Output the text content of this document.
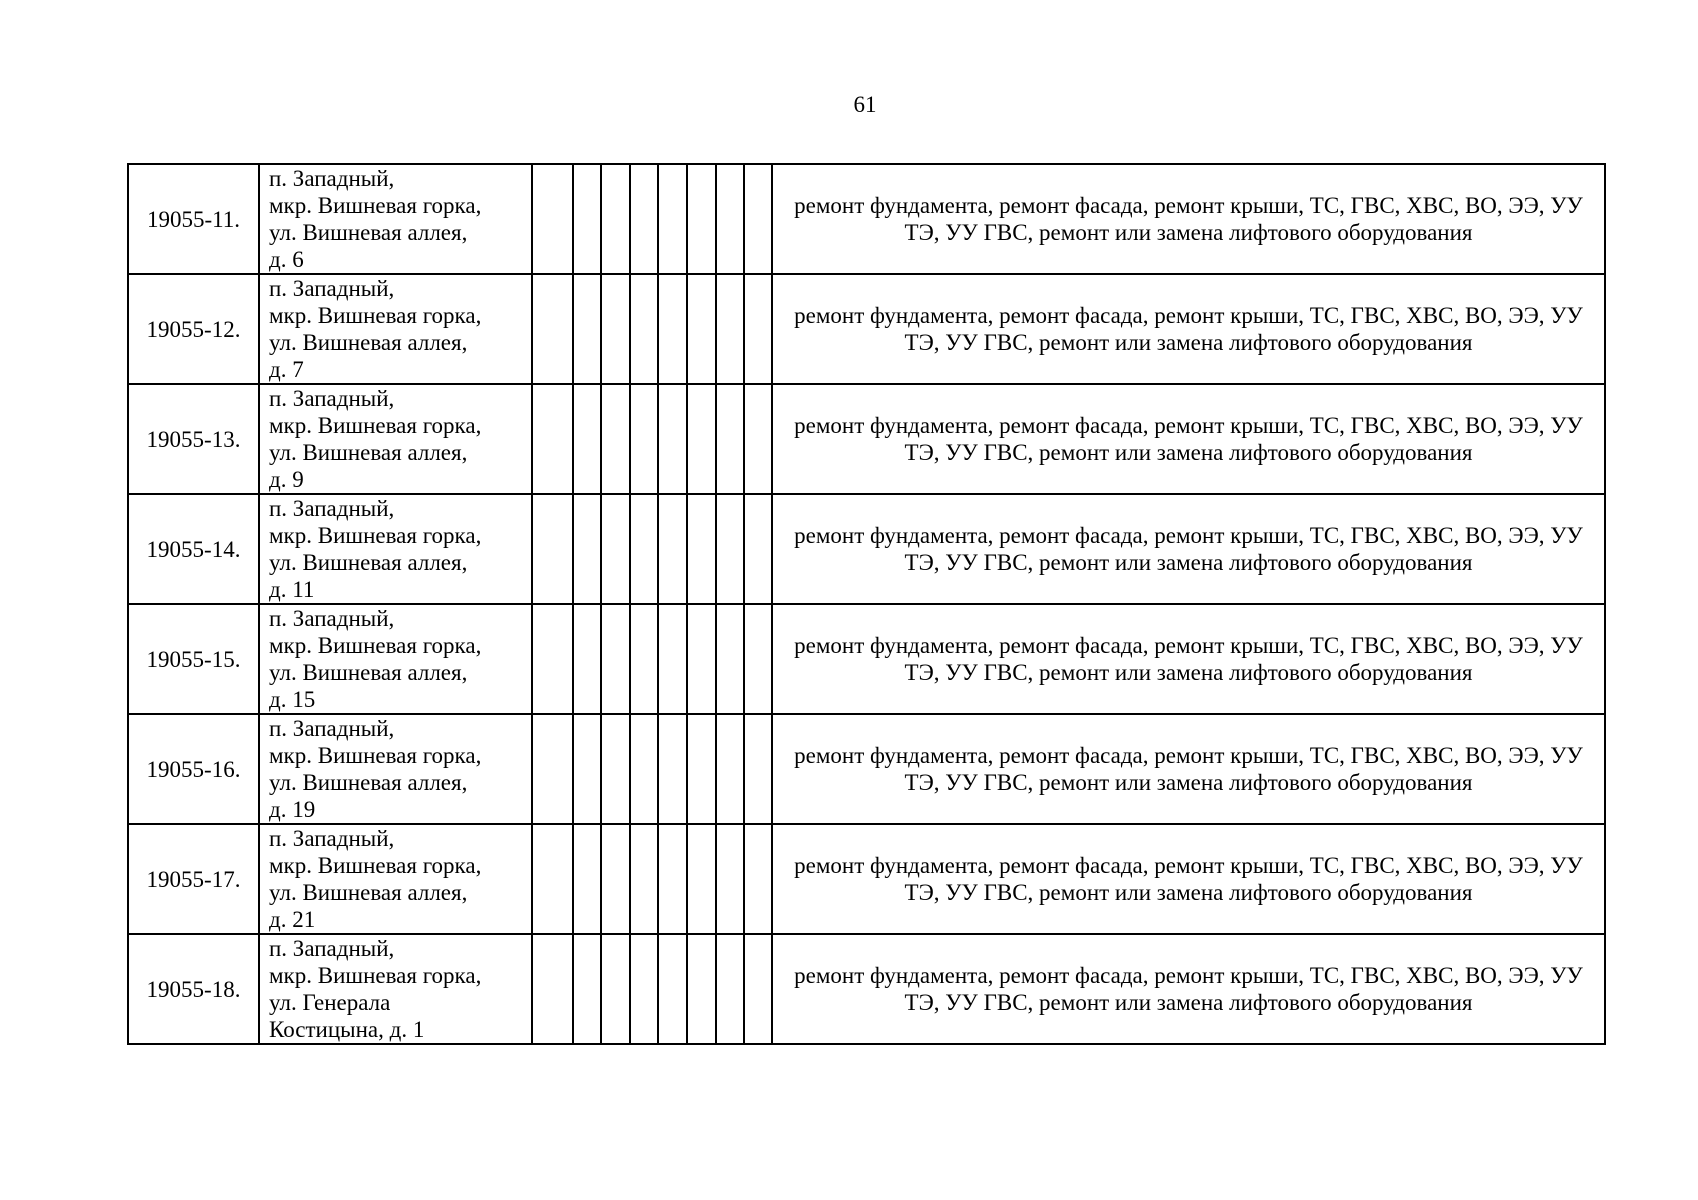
61
19055-11.	п. Западный,
мкр. Вишневая горка,
ул. Вишневая аллея,
д. 6									ремонт фундамента, ремонт фасада, ремонт крыши, ТС, ГВС, ХВС, ВО, ЭЭ, УУ ТЭ, УУ ГВС, ремонт или замена лифтового оборудования
19055-12.	п. Западный,
мкр. Вишневая горка,
ул. Вишневая аллея,
д. 7									ремонт фундамента, ремонт фасада, ремонт крыши, ТС, ГВС, ХВС, ВО, ЭЭ, УУ ТЭ, УУ ГВС, ремонт или замена лифтового оборудования
19055-13.	п. Западный,
мкр. Вишневая горка,
ул. Вишневая аллея,
д. 9									ремонт фундамента, ремонт фасада, ремонт крыши, ТС, ГВС, ХВС, ВО, ЭЭ, УУ ТЭ, УУ ГВС, ремонт или замена лифтового оборудования
19055-14.	п. Западный,
мкр. Вишневая горка,
ул. Вишневая аллея,
д. 11									ремонт фундамента, ремонт фасада, ремонт крыши, ТС, ГВС, ХВС, ВО, ЭЭ, УУ ТЭ, УУ ГВС, ремонт или замена лифтового оборудования
19055-15.	п. Западный,
мкр. Вишневая горка,
ул. Вишневая аллея,
д. 15									ремонт фундамента, ремонт фасада, ремонт крыши, ТС, ГВС, ХВС, ВО, ЭЭ, УУ ТЭ, УУ ГВС, ремонт или замена лифтового оборудования
19055-16.	п. Западный,
мкр. Вишневая горка,
ул. Вишневая аллея,
д. 19									ремонт фундамента, ремонт фасада, ремонт крыши, ТС, ГВС, ХВС, ВО, ЭЭ, УУ ТЭ, УУ ГВС, ремонт или замена лифтового оборудования
19055-17.	п. Западный,
мкр. Вишневая горка,
ул. Вишневая аллея,
д. 21									ремонт фундамента, ремонт фасада, ремонт крыши, ТС, ГВС, ХВС, ВО, ЭЭ, УУ ТЭ, УУ ГВС, ремонт или замена лифтового оборудования
19055-18.	п. Западный,
мкр. Вишневая горка,
ул. Генерала
Костицына, д. 1									ремонт фундамента, ремонт фасада, ремонт крыши, ТС, ГВС, ХВС, ВО, ЭЭ, УУ ТЭ, УУ ГВС, ремонт или замена лифтового оборудования
